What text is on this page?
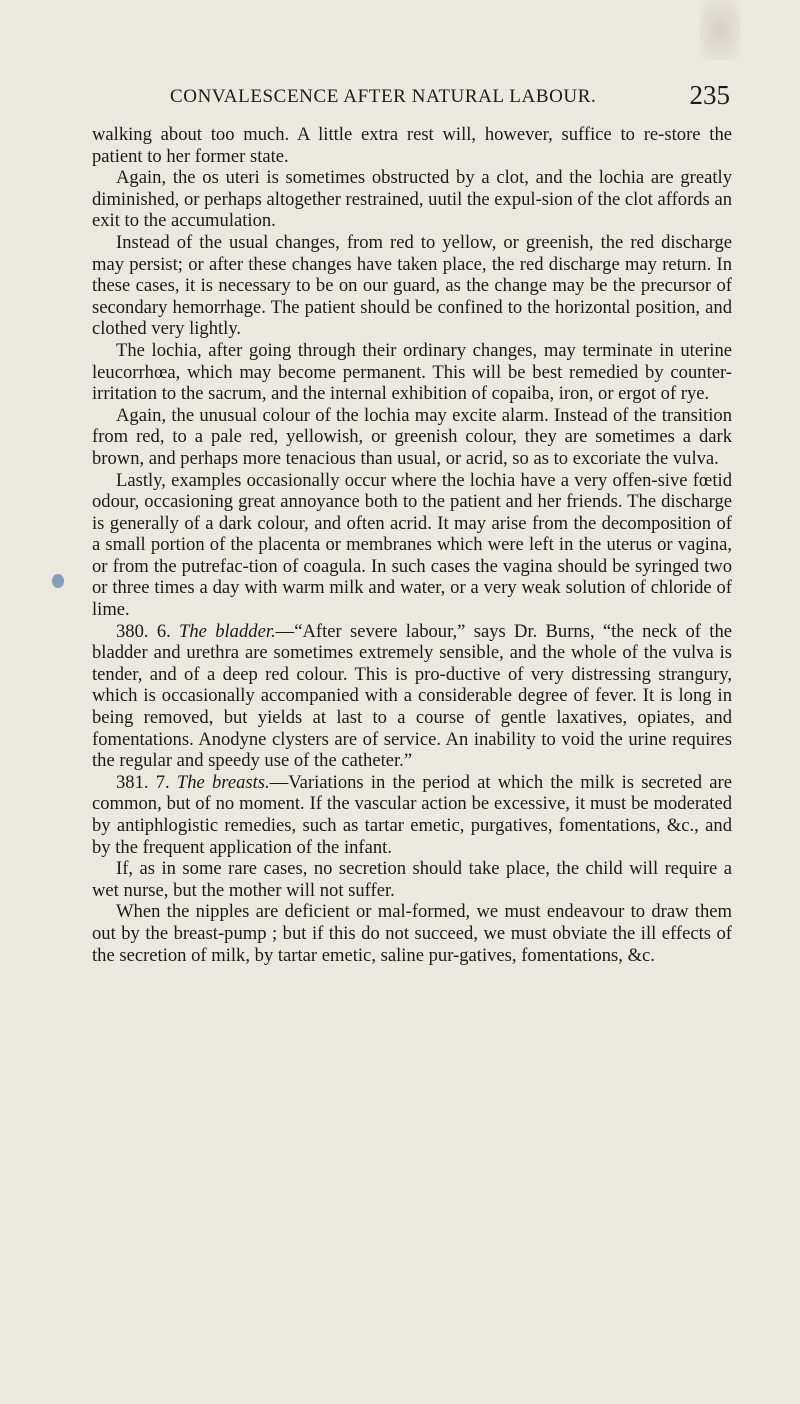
CONVALESCENCE AFTER NATURAL LABOUR.	235

walking about too much. A little extra rest will, however, suffice to re-store the patient to her former state.

Again, the os uteri is sometimes obstructed by a clot, and the lochia are greatly diminished, or perhaps altogether restrained, uutil the expul-sion of the clot affords an exit to the accumulation.

Instead of the usual changes, from red to yellow, or greenish, the red discharge may persist; or after these changes have taken place, the red discharge may return. In these cases, it is necessary to be on our guard, as the change may be the precursor of secondary hemorrhage. The patient should be confined to the horizontal position, and clothed very lightly.

The lochia, after going through their ordinary changes, may terminate in uterine leucorrhœa, which may become permanent. This will be best remedied by counter-irritation to the sacrum, and the internal exhibition of copaiba, iron, or ergot of rye.

Again, the unusual colour of the lochia may excite alarm. Instead of the transition from red, to a pale red, yellowish, or greenish colour, they are sometimes a dark brown, and perhaps more tenacious than usual, or acrid, so as to excoriate the vulva.

Lastly, examples occasionally occur where the lochia have a very offen-sive fœtid odour, occasioning great annoyance both to the patient and her friends. The discharge is generally of a dark colour, and often acrid. It may arise from the decomposition of a small portion of the placenta or membranes which were left in the uterus or vagina, or from the putrefac-tion of coagula. In such cases the vagina should be syringed two or three times a day with warm milk and water, or a very weak solution of chloride of lime.

380. 6. The bladder.—“After severe labour,” says Dr. Burns, “the neck of the bladder and urethra are sometimes extremely sensible, and the whole of the vulva is tender, and of a deep red colour. This is pro-ductive of very distressing strangury, which is occasionally accompanied with a considerable degree of fever. It is long in being removed, but yields at last to a course of gentle laxatives, opiates, and fomentations. Anodyne clysters are of service. An inability to void the urine requires the regular and speedy use of the catheter.”

381. 7. The breasts.—Variations in the period at which the milk is secreted are common, but of no moment. If the vascular action be excessive, it must be moderated by antiphlogistic remedies, such as tartar emetic, purgatives, fomentations, &c., and by the frequent application of the infant.

If, as in some rare cases, no secretion should take place, the child will require a wet nurse, but the mother will not suffer.

When the nipples are deficient or mal-formed, we must endeavour to draw them out by the breast-pump ; but if this do not succeed, we must obviate the ill effects of the secretion of milk, by tartar emetic, saline pur-gatives, fomentations, &c.
